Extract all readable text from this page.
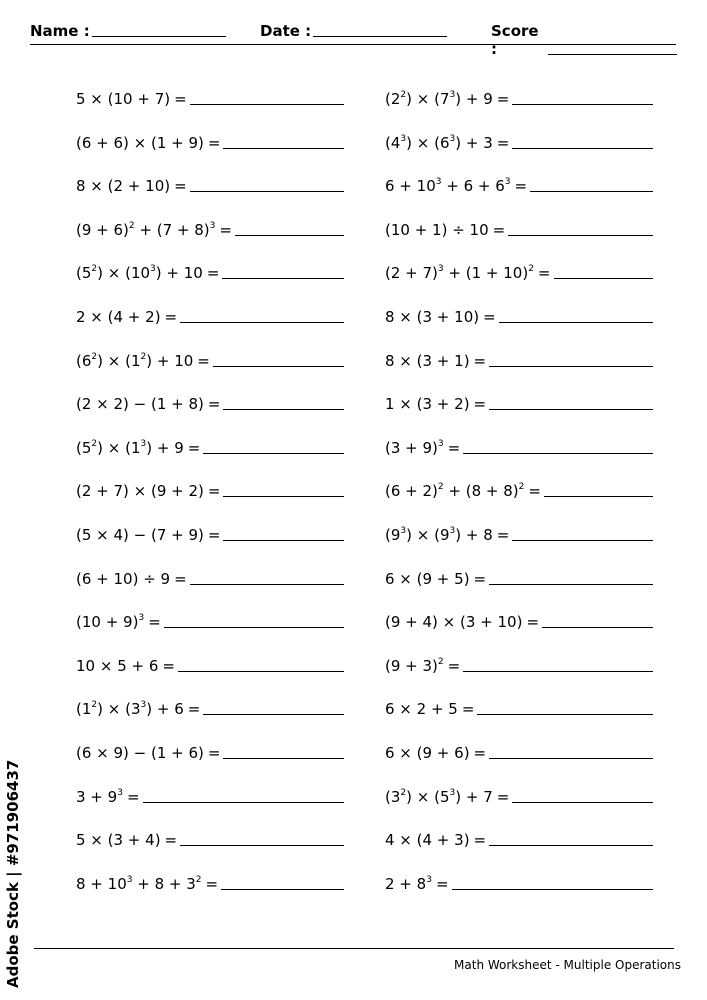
Name :	Date :	Score :
5 × (10 + 7) =
(6 + 6) × (1 + 9) =
8 × (2 + 10) =
$(9 + 6)^2 + (7 + 8)^3$ =
$(5^2) \times (10^3) + 10$ =
2 × (4 + 2) =
$(6^2) \times (1^2) + 10$ =
(2 × 2) − (1 + 8) =
$(5^2) \times (1^3) + 9$ =
(2 + 7) × (9 + 2) =
(5 × 4) − (7 + 9) =
(6 + 10) ÷ 9 =
$(10 + 9)^3$ =
10 × 5 + 6 =
$(1^2) \times (3^3) + 6$ =
(6 × 9) − (1 + 6) =
$3 + 9^3$ =
5 × (3 + 4) =
$8 + 10^3 + 8 + 3^2$ =
$(2^2) \times (7^3) + 9$ =
$(4^3) \times (6^3) + 3$ =
$6 + 10^3 + 6 + 6^3$ =
(10 + 1) ÷ 10 =
$(2 + 7)^3 + (1 + 10)^2$ =
8 × (3 + 10) =
8 × (3 + 1) =
1 × (3 + 2) =
$(3 + 9)^3$ =
$(6 + 2)^2 + (8 + 8)^2$ =
$(9^3) \times (9^3) + 8$ =
6 × (9 + 5) =
(9 + 4) × (3 + 10) =
$(9 + 3)^2$ =
6 × 2 + 5 =
6 × (9 + 6) =
$(3^2) \times (5^3) + 7$ =
4 × (4 + 3) =
$2 + 8^3$ =
Math Worksheet - Multiple Operations
Adobe Stock | #971906437
